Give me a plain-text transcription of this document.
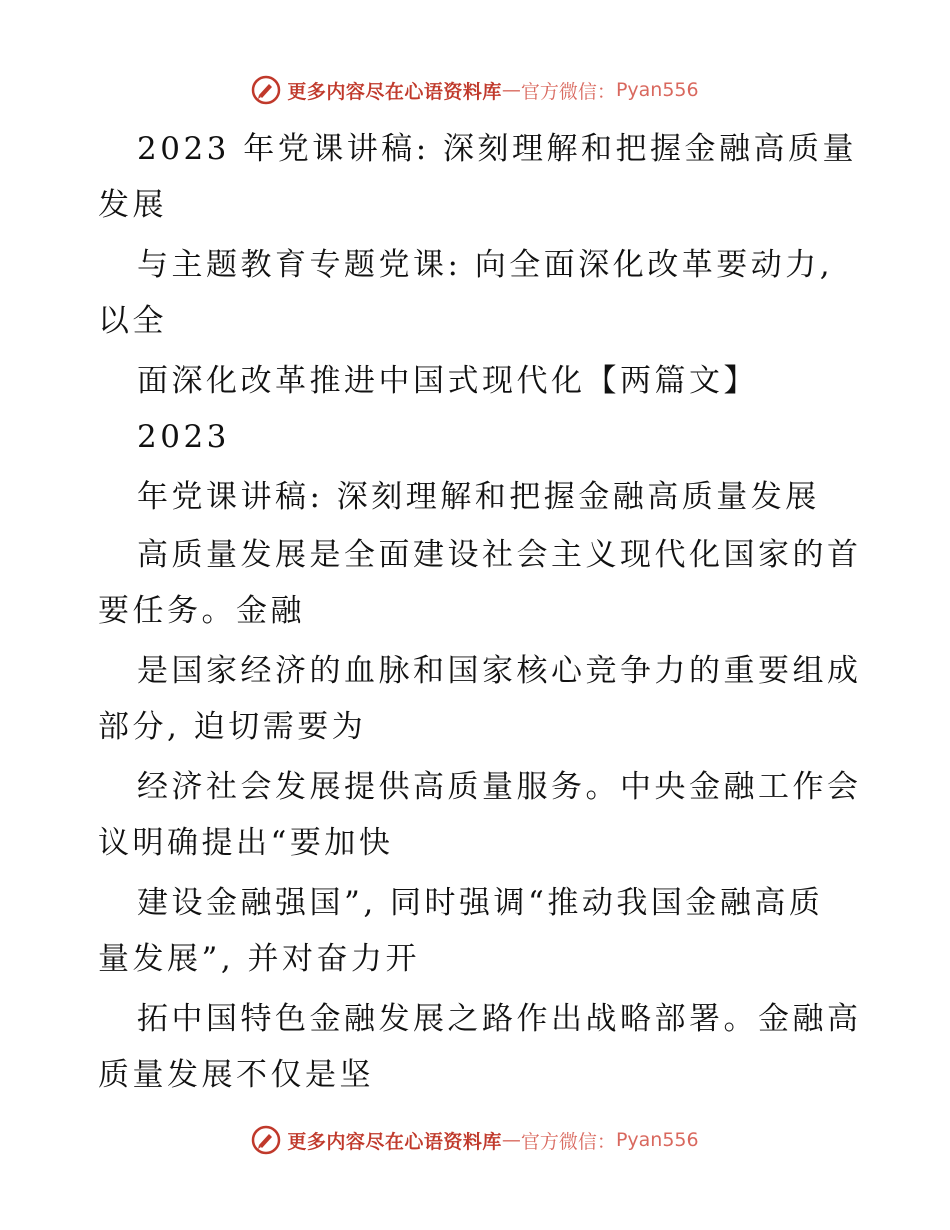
更多内容尽在心语资料库 — 官方微信： Pyan556
2023 年党课讲稿: 深刻理解和把握金融高质量
发展
与主题教育专题党课: 向全面深化改革要动力,
以全
面深化改革推进中国式现代化【两篇文】
2023
年党课讲稿: 深刻理解和把握金融高质量发展
高质量发展是全面建设社会主义现代化国家的首
要任务。金融
是国家经济的血脉和国家核心竞争力的重要组成
部分, 迫切需要为
经济社会发展提供高质量服务。中央金融工作会
议明确提出“要加快
建设金融强国”, 同时强调“推动我国金融高质
量发展”, 并对奋力开
拓中国特色金融发展之路作出战略部署。金融高
质量发展不仅是坚
更多内容尽在心语资料库 — 官方微信： Pyan556
